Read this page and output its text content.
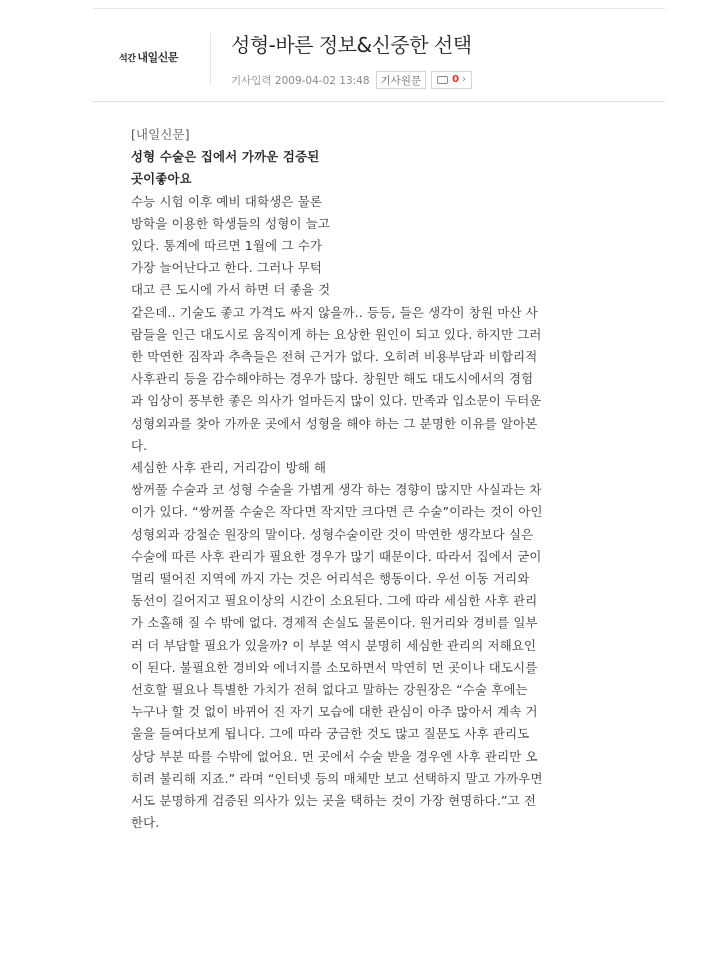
석간 내일신문
성형-바른 정보&신중한 선택
기사입력 2009-04-02 13:48	기사원문	0 ›

[내일신문]

성형 수술은 집에서 가까운 검증된
곳이좋아요

수능 시험 이후 예비 대학생은 물론
방학을 이용한 학생들의 성형이 늘고
있다. 통계에 따르면 1월에 그 수가
가장 늘어난다고 한다. 그러나 무턱
대고 큰 도시에 가서 하면 더 좋을 것
같은데.. 기술도 좋고 가격도 싸지 않을까.. 등등, 들은 생각이 창원 마산 사
람들을 인근 대도시로 움직이게 하는 요상한 원인이 되고 있다. 하지만 그러
한 막연한 짐작과 추측들은 전혀 근거가 없다. 오히려 비용부담과 비합리적
사후관리 등을 감수해야하는 경우가 많다. 창원만 해도 대도시에서의 경험
과 임상이 풍부한 좋은 의사가 얼마든지 많이 있다. 만족과 입소문이 두터운
성형외과를 찾아 가까운 곳에서 성형을 해야 하는 그 분명한 이유를 알아본
다.

세심한 사후 관리, 거리감이 방해 해

쌍꺼풀 수술과 코 성형 수술을 가볍게 생각 하는 경향이 많지만 사실과는 차
이가 있다. “쌍꺼풀 수술은 작다면 작지만 크다면 큰 수술”이라는 것이 아인
성형외과 강철순 원장의 말이다. 성형수술이란 것이 막연한 생각보다 실은
수술에 따른 사후 관리가 필요한 경우가 많기 때문이다. 따라서 집에서 굳이
멀리 떨어진 지역에 까지 가는 것은 어리석은 행동이다. 우선 이동 거리와
동선이 길어지고 필요이상의 시간이 소요된다. 그에 따라 세심한 사후 관리
가 소홀해 질 수 밖에 없다. 경제적 손실도 물론이다. 원거리와 경비를 일부
러 더 부담할 필요가 있을까? 이 부분 역시 분명히 세심한 관리의 저해요인
이 된다. 불필요한 경비와 에너지를 소모하면서 막연히 먼 곳이나 대도시를
선호할 필요나 특별한 가치가 전혀 없다고 말하는 강원장은 “수술 후에는
누구나 할 것 없이 바뀌어 진 자기 모습에 대한 관심이 아주 많아서 계속 거
울을 들여다보게 됩니다. 그에 따라 궁금한 것도 많고 질문도 사후 관리도
상당 부분 따를 수밖에 없어요. 먼 곳에서 수술 받을 경우엔 사후 관리만 오
히려 불리해 지죠.” 라며 “인터넷 등의 매체만 보고 선택하지 말고 가까우면
서도 분명하게 검증된 의사가 있는 곳을 택하는 것이 가장 현명하다.”고 전
한다.
